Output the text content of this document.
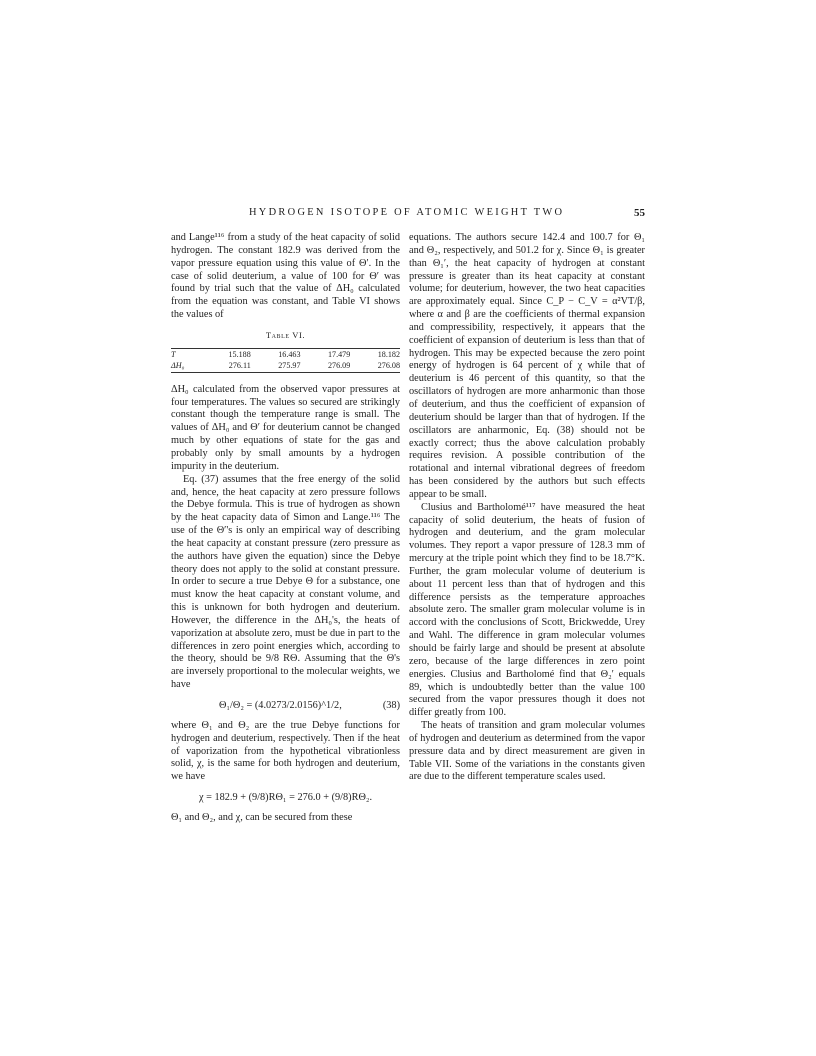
HYDROGEN ISOTOPE OF ATOMIC WEIGHT TWO	55

and Lange¹¹⁶ from a study of the heat capacity of solid hydrogen. The constant 182.9 was derived from the vapor pressure equation using this value of Θ′. In the case of solid deuterium, a value of 100 for Θ′ was found by trial such that the value of ΔH₀ calculated from the equation was constant, and Table VI shows the values of

Table VI.
T	15.188	16.463	17.479	18.182
ΔH₀	276.11	275.97	276.09	276.08

ΔH₀ calculated from the observed vapor pressures at four temperatures. The values so secured are strikingly constant though the temperature range is small. The values of ΔH₀ and Θ′ for deuterium cannot be changed much by other equations of state for the gas and probably only by small amounts by a hydrogen impurity in the deuterium.

Eq. (37) assumes that the free energy of the solid and, hence, the heat capacity at zero pressure follows the Debye formula. This is true of hydrogen as shown by the heat capacity data of Simon and Lange.¹¹⁶ The use of the Θ′'s is only an empirical way of describing the heat capacity at constant pressure (zero pressure as the authors have given the equation) since the Debye theory does not apply to the solid at constant pressure. In order to secure a true Debye Θ for a substance, one must know the heat capacity at constant volume, and this is unknown for both hydrogen and deuterium. However, the difference in the ΔH₀'s, the heats of vaporization at absolute zero, must be due in part to the differences in zero point energies which, according to the theory, should be 9/8 RΘ. Assuming that the Θ's are inversely proportional to the molecular weights, we have

Θ₁/Θ₂ = (4.0273/2.0156)^1/2,	(38)

where Θ₁ and Θ₂ are the true Debye functions for hydrogen and deuterium, respectively. Then if the heat of vaporization from the hypothetical vibrationless solid, χ, is the same for both hydrogen and deuterium, we have

χ = 182.9 + (9/8)RΘ₁ = 276.0 + (9/8)RΘ₂.

Θ₁ and Θ₂, and χ, can be secured from these

equations. The authors secure 142.4 and 100.7 for Θ₁ and Θ₂, respectively, and 501.2 for χ. Since Θ₁ is greater than Θ₁′, the heat capacity of hydrogen at constant pressure is greater than its heat capacity at constant volume; for deuterium, however, the two heat capacities are approximately equal. Since C_P − C_V = α²VT/β, where α and β are the coefficients of thermal expansion and compressibility, respectively, it appears that the coefficient of expansion of deuterium is less than that of hydrogen. This may be expected because the zero point energy of hydrogen is 64 percent of χ while that of deuterium is 46 percent of this quantity, so that the oscillators of hydrogen are more anharmonic than those of deuterium, and thus the coefficient of expansion of deuterium should be larger than that of hydrogen. If the oscillators are anharmonic, Eq. (38) should not be exactly correct; thus the above calculation probably requires revision. A possible contribution of the rotational and internal vibrational degrees of freedom has been considered by the authors but such effects appear to be small.

Clusius and Bartholomé¹¹⁷ have measured the heat capacity of solid deuterium, the heats of fusion of hydrogen and deuterium, and the gram molecular volumes. They report a vapor pressure of 128.3 mm of mercury at the triple point which they find to be 18.7°K. Further, the gram molecular volume of deuterium is about 11 percent less than that of hydrogen and this difference persists as the temperature approaches absolute zero. The smaller gram molecular volume is in accord with the conclusions of Scott, Brickwedde, Urey and Wahl. The difference in gram molecular volumes should be fairly large and should be present at absolute zero, because of the large differences in zero point energies. Clusius and Bartholomé find that Θ₂′ equals 89, which is undoubtedly better than the value 100 secured from the vapor pressures though it does not differ greatly from 100.

The heats of transition and gram molecular volumes of hydrogen and deuterium as determined from the vapor pressure data and by direct measurement are given in Table VII. Some of the variations in the constants given are due to the different temperature scales used.
